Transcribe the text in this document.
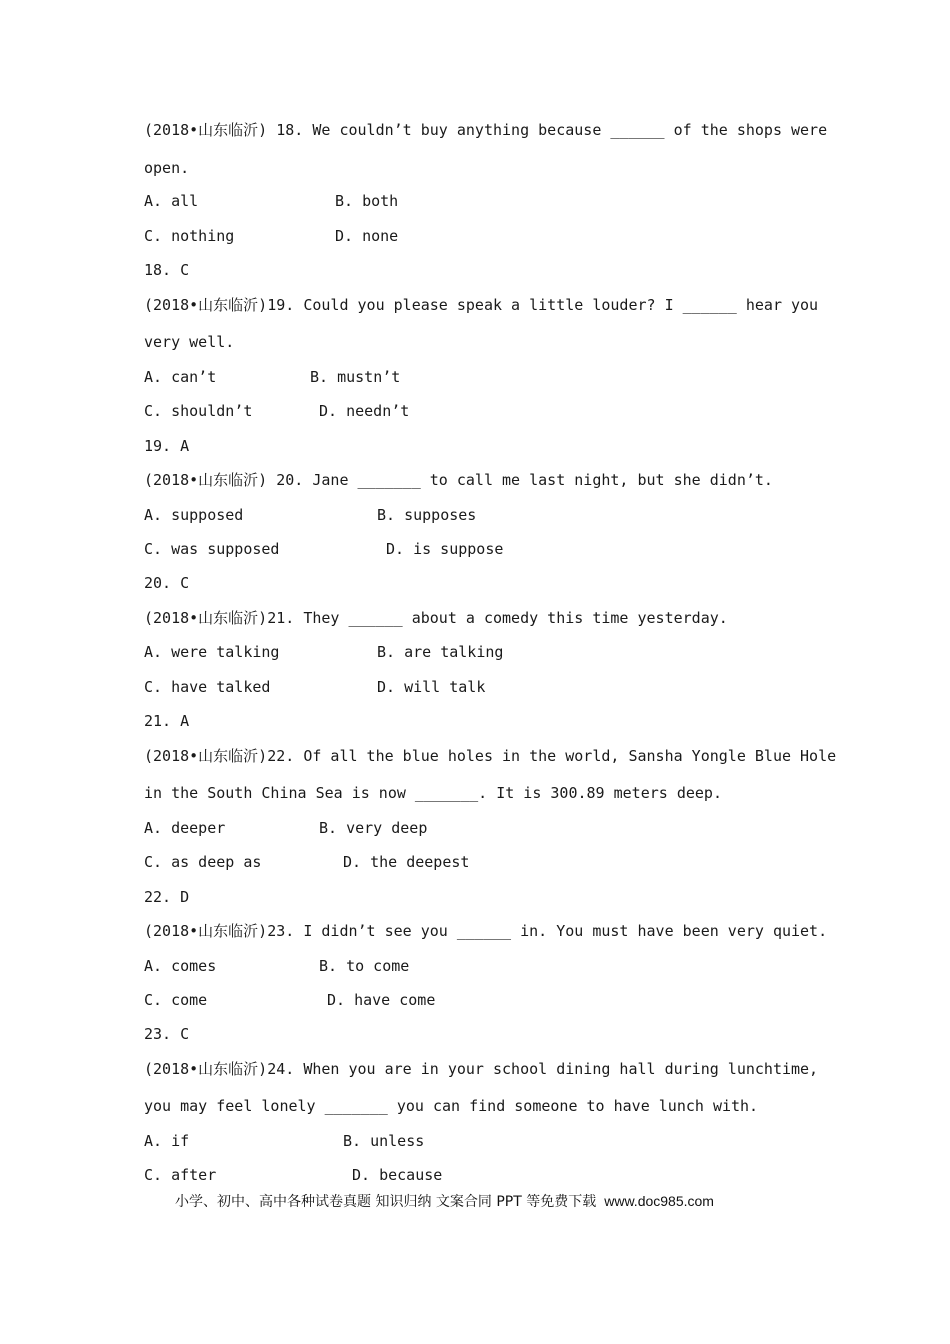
(2018•山东临沂) 18. We couldn’t buy anything because ______ of the shops were
open.
A. all	B. both
C. nothing	D. none
18. C
(2018•山东临沂)19. Could you please speak a little louder? I ______ hear you
very well.
A. can’t	B. mustn’t
C. shouldn’t	D. needn’t
19. A
(2018•山东临沂) 20. Jane _______ to call me last night, but she didn’t.
A. supposed	B. supposes
C. was supposed	D. is suppose
20. C
(2018•山东临沂)21. They ______ about a comedy this time yesterday.
A. were talking	B. are talking
C. have talked	D. will talk
21. A
(2018•山东临沂)22. Of all the blue holes in the world, Sansha Yongle Blue Hole
in the South China Sea is now _______. It is 300.89 meters deep.
A. deeper	B. very deep
C. as deep as	D. the deepest
22. D
(2018•山东临沂)23. I didn’t see you ______ in. You must have been very quiet.
A. comes	B. to come
C. come	D. have come
23. C
(2018•山东临沂)24. When you are in your school dining hall during lunchtime,
you may feel lonely _______ you can find someone to have lunch with.
A. if	B. unless
C. after	D. because
小学、初中、高中各种试卷真题 知识归纳 文案合同 PPT 等免费下载 www.doc985.com
